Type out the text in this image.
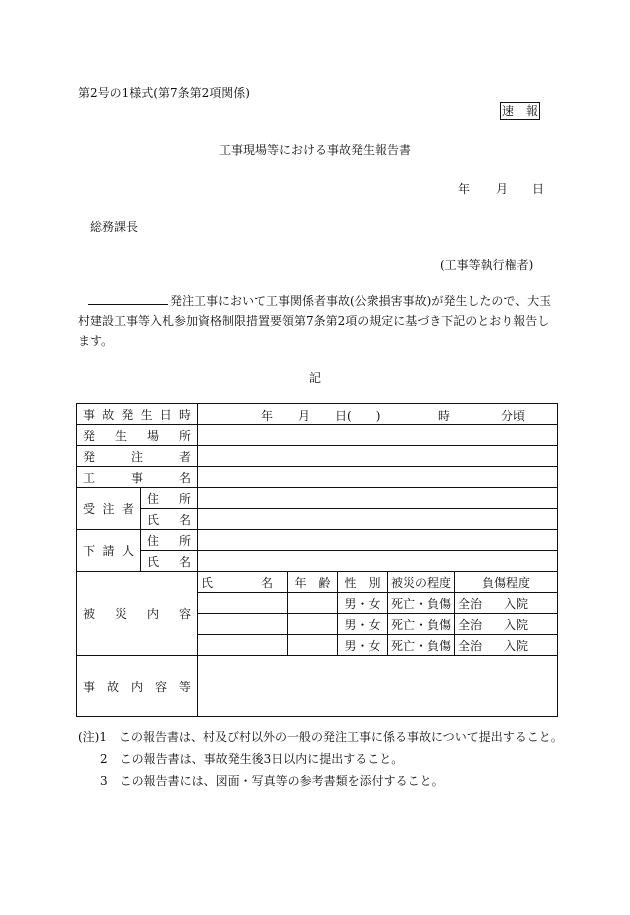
第2号の1様式(第7条第2項関係)
速　報
工事現場等における事故発生報告書
年 月 日
総務課長
(工事等執行権者)
発注工事において工事関係者事故(公衆損害事故)が発生したので、大玉村建設工事等入札参加資格制限措置要領第7条第2項の規定に基づき下記のとおり報告します。
記
事故発生日時		年 月 日(　　) 時 分頃				

発生場所						
発注者						
工事名						
受注者	住　所					
	氏　名					
下請人	住　所					
	氏　名					
被災内容		氏　　　　名	年　齢	性　別	被災の程度	負傷程度
				男・女	死亡・負傷	全治 入院
				男・女	死亡・負傷	全治 入院
				男・女	死亡・負傷	全治 入院
事故内容等						
(注)1　この報告書は、村及び村以外の一般の発注工事に係る事故について提出すること。
2　この報告書は、事故発生後3日以内に提出すること。
3　この報告書には、図面・写真等の参考書類を添付すること。
